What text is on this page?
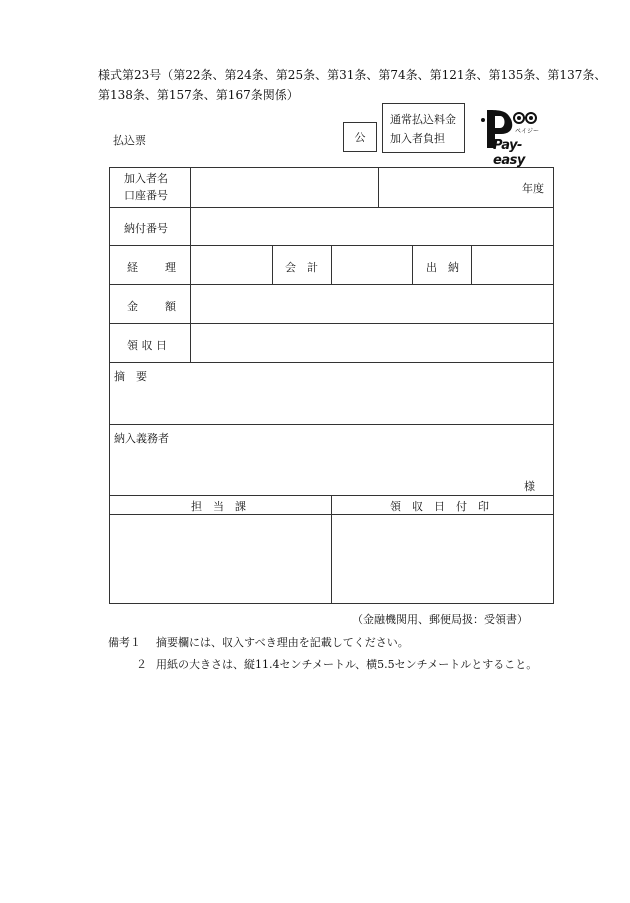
様式第23号（第22条、第24条、第25条、第31条、第74条、第121条、第135条、第137条、
第138条、第157条、第167条関係）
払込票	公
通常払込料金
加入者負担
ペイジー
Pay-easy
加入者名
口座番号
年度
納付番号
経　理	会　計	出　納
金　額
領 収 日
摘　要
納入義務者
様
担　当　課	領　収　日　付　印
（金融機関用、郵便局扱：受領書）
備考１ 摘要欄には、収入すべき理由を記載してください。
２ 用紙の大きさは、縦11.4センチメートル、横5.5センチメートルとすること。
